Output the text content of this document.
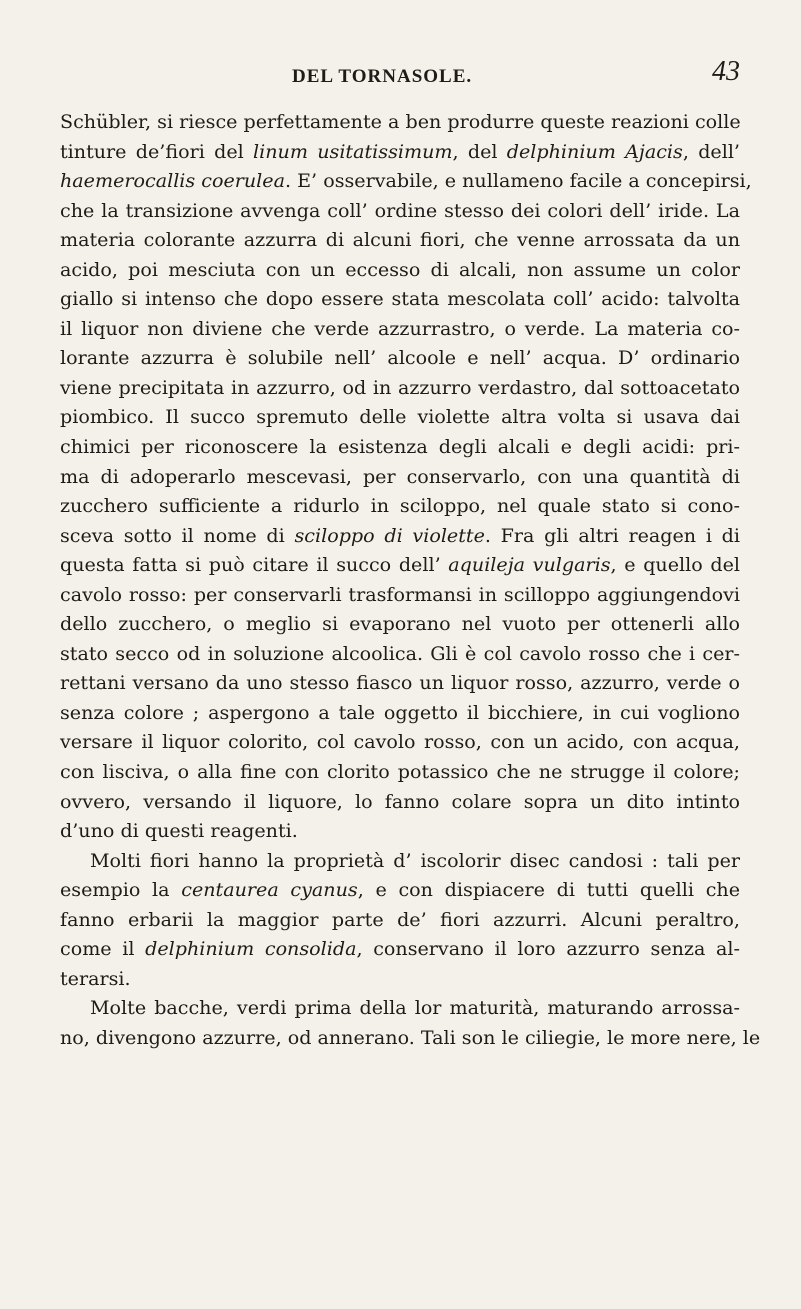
DEL TORNASOLE.	43
Schübler, si riesce perfettamente a ben produrre queste reazioni colle
tinture de’fiori del linum usitatissimum, del delphinium Ajacis, dell’
haemerocallis coerulea. E’ osservabile, e nullameno facile a concepirsi,
che la transizione avvenga coll’ ordine stesso dei colori dell’ iride. La
materia colorante azzurra di alcuni fiori, che venne arrossata da un
acido, poi mesciuta con un eccesso di alcali, non assume un color
giallo si intenso che dopo essere stata mescolata coll’ acido: talvolta
il liquor non diviene che verde azzurrastro, o verde. La materia co-
lorante azzurra è solubile nell’ alcoole e nell’ acqua. D’ ordinario
viene precipitata in azzurro, od in azzurro verdastro, dal sottoacetato
piombico. Il succo spremuto delle violette altra volta si usava dai
chimici per riconoscere la esistenza degli alcali e degli acidi: pri-
ma di adoperarlo mescevasi, per conservarlo, con una quantità di
zucchero sufficiente a ridurlo in sciloppo, nel quale stato si cono-
sceva sotto il nome di sciloppo di violette. Fra gli altri reagen i di
questa fatta si può citare il succo dell’ aquileja vulgaris, e quello del
cavolo rosso: per conservarli trasformansi in scilloppo aggiungendovi
dello zucchero, o meglio si evaporano nel vuoto per ottenerli allo
stato secco od in soluzione alcoolica. Gli è col cavolo rosso che i cer-
rettani versano da uno stesso fiasco un liquor rosso, azzurro, verde o
senza colore ; aspergono a tale oggetto il bicchiere, in cui vogliono
versare il liquor colorito, col cavolo rosso, con un acido, con acqua,
con lisciva, o alla fine con clorito potassico che ne strugge il colore;
ovvero, versando il liquore, lo fanno colare sopra un dito intinto
d’uno di questi reagenti.
Molti fiori hanno la proprietà d’ iscolorir disec candosi : tali per
esempio la centaurea cyanus, e con dispiacere di tutti quelli che
fanno erbarii la maggior parte de’ fiori azzurri. Alcuni peraltro,
come il delphinium consolida, conservano il loro azzurro senza al-
terarsi.
Molte bacche, verdi prima della lor maturità, maturando arrossa-
no, divengono azzurre, od annerano. Tali son le ciliegie, le more nere, le
